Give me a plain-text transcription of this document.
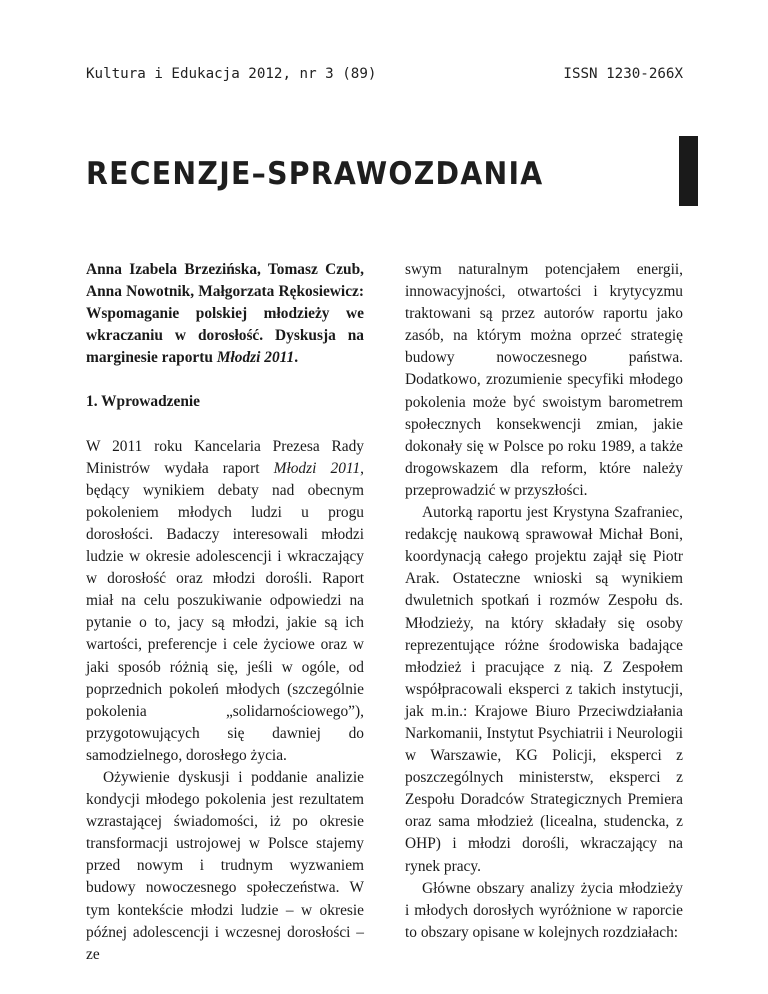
Kultura i Edukacja 2012, nr 3 (89)	ISSN 1230-266X
RECENZJE–SPRAWOZDANIA

Anna Izabela Brzezińska, Tomasz Czub, Anna Nowotnik, Małgorzata Rękosiewicz: Wspomaganie polskiej młodzieży we wkraczaniu w dorosłość. Dyskusja na marginesie raportu Młodzi 2011.

1. Wprowadzenie

W 2011 roku Kancelaria Prezesa Rady Ministrów wydała raport Młodzi 2011, będący wynikiem debaty nad obecnym pokoleniem młodych ludzi u progu dorosłości. Badaczy interesowali młodzi ludzie w okresie adolescencji i wkraczający w dorosłość oraz młodzi dorośli. Raport miał na celu poszukiwanie odpowiedzi na pytanie o to, jacy są młodzi, jakie są ich wartości, preferencje i cele życiowe oraz w jaki sposób różnią się, jeśli w ogóle, od poprzednich pokoleń młodych (szczególnie pokolenia „solidarnościowego”), przygotowujących się dawniej do samodzielnego, dorosłego życia.

Ożywienie dyskusji i poddanie analizie kondycji młodego pokolenia jest rezultatem wzrastającej świadomości, iż po okresie transformacji ustrojowej w Polsce stajemy przed nowym i trudnym wyzwaniem budowy nowoczesnego społeczeństwa. W tym kontekście młodzi ludzie – w okresie późnej adolescencji i wczesnej dorosłości – ze

swym naturalnym potencjałem energii, innowacyjności, otwartości i krytycyzmu traktowani są przez autorów raportu jako zasób, na którym można oprzeć strategię budowy nowoczesnego państwa. Dodatkowo, zrozumienie specyfiki młodego pokolenia może być swoistym barometrem społecznych konsekwencji zmian, jakie dokonały się w Polsce po roku 1989, a także drogowskazem dla reform, które należy przeprowadzić w przyszłości.

Autorką raportu jest Krystyna Szafraniec, redakcję naukową sprawował Michał Boni, koordynacją całego projektu zajął się Piotr Arak. Ostateczne wnioski są wynikiem dwuletnich spotkań i rozmów Zespołu ds. Młodzieży, na który składały się osoby reprezentujące różne środowiska badające młodzież i pracujące z nią. Z Zespołem współpracowali eksperci z takich instytucji, jak m.in.: Krajowe Biuro Przeciwdziałania Narkomanii, Instytut Psychiatrii i Neurologii w Warszawie, KG Policji, eksperci z poszczególnych ministerstw, eksperci z Zespołu Doradców Strategicznych Premiera oraz sama młodzież (licealna, studencka, z OHP) i młodzi dorośli, wkraczający na rynek pracy.

Główne obszary analizy życia młodzieży i młodych dorosłych wyróżnione w raporcie to obszary opisane w kolejnych rozdziałach:
